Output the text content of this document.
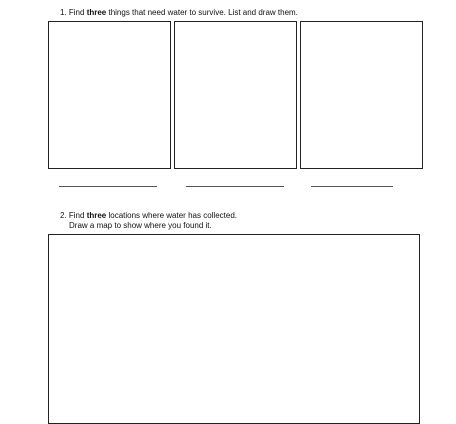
1. Find three things that need water to survive. List and draw them.
2. Find three locations where water has collected.
Draw a map to show where you found it.
